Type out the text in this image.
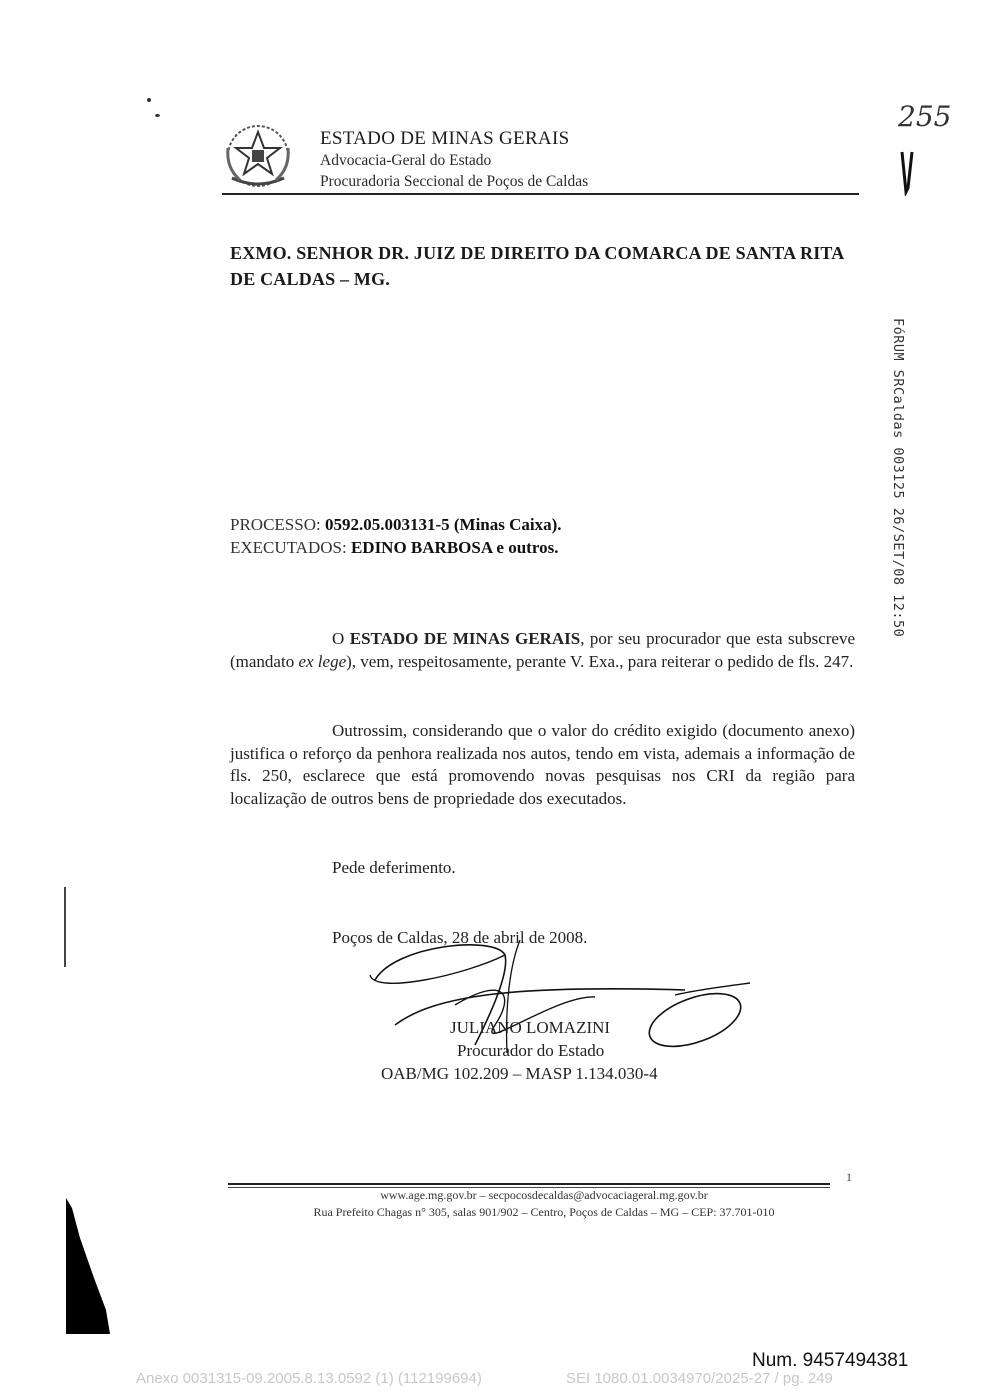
ESTADO DE MINAS GERAIS
Advocacia-Geral do Estado
Procuradoria Seccional de Poços de Caldas
255
EXMO. SENHOR DR. JUIZ DE DIREITO DA COMARCA DE SANTA RITA DE CALDAS – MG.
FóRUM SRCaldas 003125 26/SET/08 12:50
PROCESSO: 0592.05.003131-5 (Minas Caixa).
EXECUTADOS: EDINO BARBOSA e outros.
O ESTADO DE MINAS GERAIS, por seu procurador que esta subscreve (mandato ex lege), vem, respeitosamente, perante V. Exa., para reiterar o pedido de fls. 247.
Outrossim, considerando que o valor do crédito exigido (documento anexo) justifica o reforço da penhora realizada nos autos, tendo em vista, ademais a informação de fls. 250, esclarece que está promovendo novas pesquisas nos CRI da região para localização de outros bens de propriedade dos executados.
Pede deferimento.
Poços de Caldas, 28 de abril de 2008.
JULIANO LOMAZINI
Procurador do Estado
OAB/MG 102.209 – MASP 1.134.030-4
1
www.age.mg.gov.br – secpocosdecaldas@advocaciageral.mg.gov.br
Rua Prefeito Chagas n° 305, salas 901/902 – Centro, Poços de Caldas – MG – CEP: 37.701-010
Num. 9457494381
Anexo 0031315-09.2005.8.13.0592 (1) (112199694)	SEI 1080.01.0034970/2025-27 / pg. 249
